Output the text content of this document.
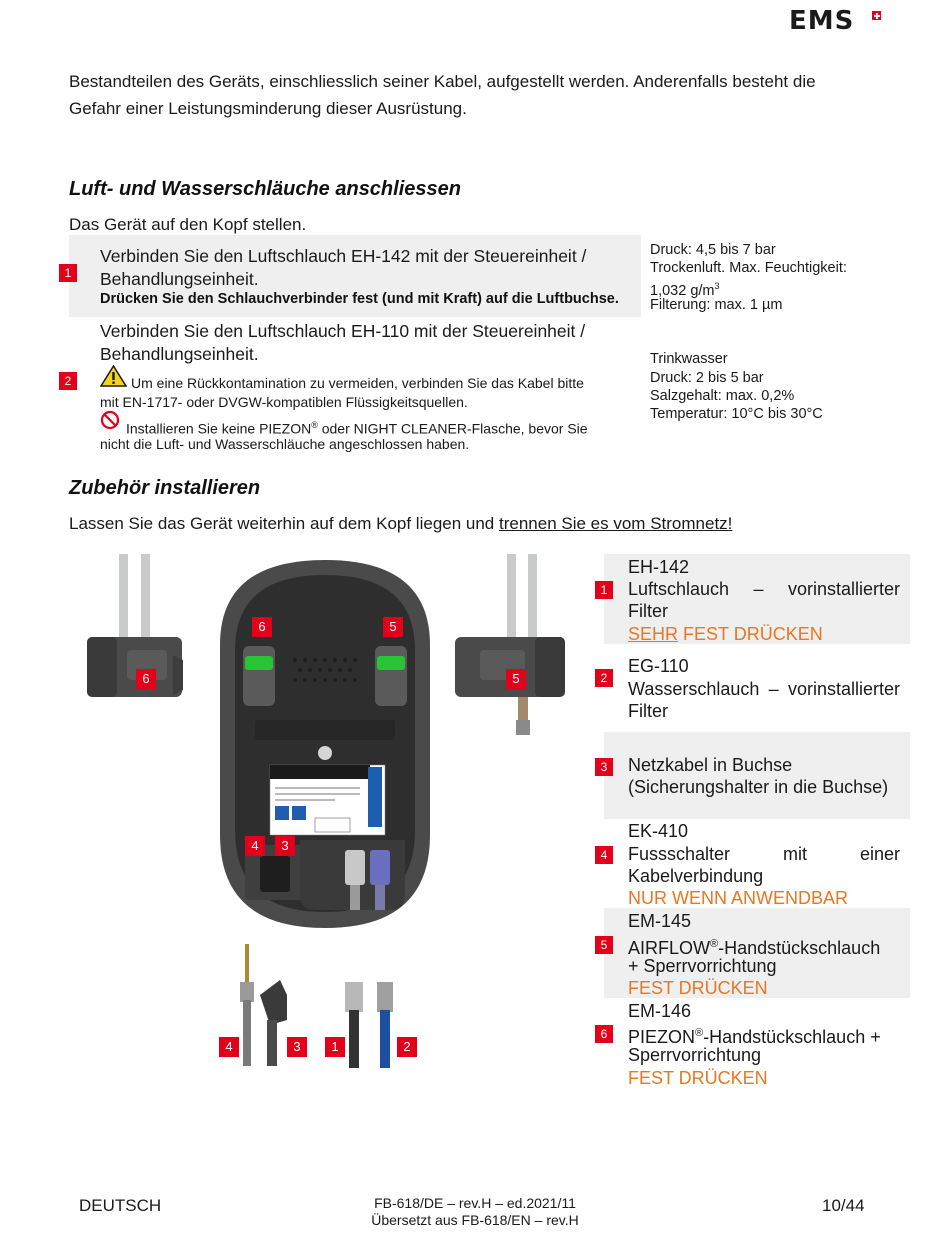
EMS
Bestandteilen des Geräts, einschliesslich seiner Kabel, aufgestellt werden. Anderenfalls besteht die
Gefahr einer Leistungsminderung dieser Ausrüstung.
Luft- und Wasserschläuche anschliessen
Das Gerät auf den Kopf stellen.
1
Verbinden Sie den Luftschlauch EH-142 mit der Steuereinheit /
Behandlungseinheit.
Drücken Sie den Schlauchverbinder fest (und mit Kraft) auf die Luftbuchse.
Druck: 4,5 bis 7 bar
Trockenluft. Max. Feuchtigkeit:
1,032 $g/m^3$
Filterung: max. 1 µm
2
Verbinden Sie den Luftschlauch EH-110 mit der Steuereinheit /
Behandlungseinheit.
Um eine Rückkontamination zu vermeiden, verbinden Sie das Kabel bitte
mit EN-1717- oder DVGW-kompatiblen Flüssigkeitsquellen.
Installieren Sie keine PIEZON® oder NIGHT CLEANER-Flasche, bevor Sie
nicht die Luft- und Wasserschläuche angeschlossen haben.
Trinkwasser
Druck: 2 bis 5 bar
Salzgehalt: max. 0,2%
Temperatur: 10°C bis 30°C
Zubehör installieren
Lassen Sie das Gerät weiterhin auf dem Kopf liegen und trennen Sie es vom Stromnetz!
6	5
6	5
4	3
4	3	1	2
1
EH-142
Luftschlauch – vorinstallierter
Filter
SEHR FEST DRÜCKEN
2
EG-110
Wasserschlauch – vorinstallierter
Filter
3	Netzkabel in Buchse
(Sicherungshalter in die Buchse)
4
EK-410
Fussschalter mit einer
Kabelverbindung
NUR WENN ANWENDBAR
5
EM-145
AIRFLOW®-Handstückschlauch
+ Sperrvorrichtung
FEST DRÜCKEN
6
EM-146
PIEZON®-Handstückschlauch +
Sperrvorrichtung
FEST DRÜCKEN
DEUTSCH	FB-618/DE – rev.H – ed.2021/11
Übersetzt aus FB-618/EN – rev.H
10/44
